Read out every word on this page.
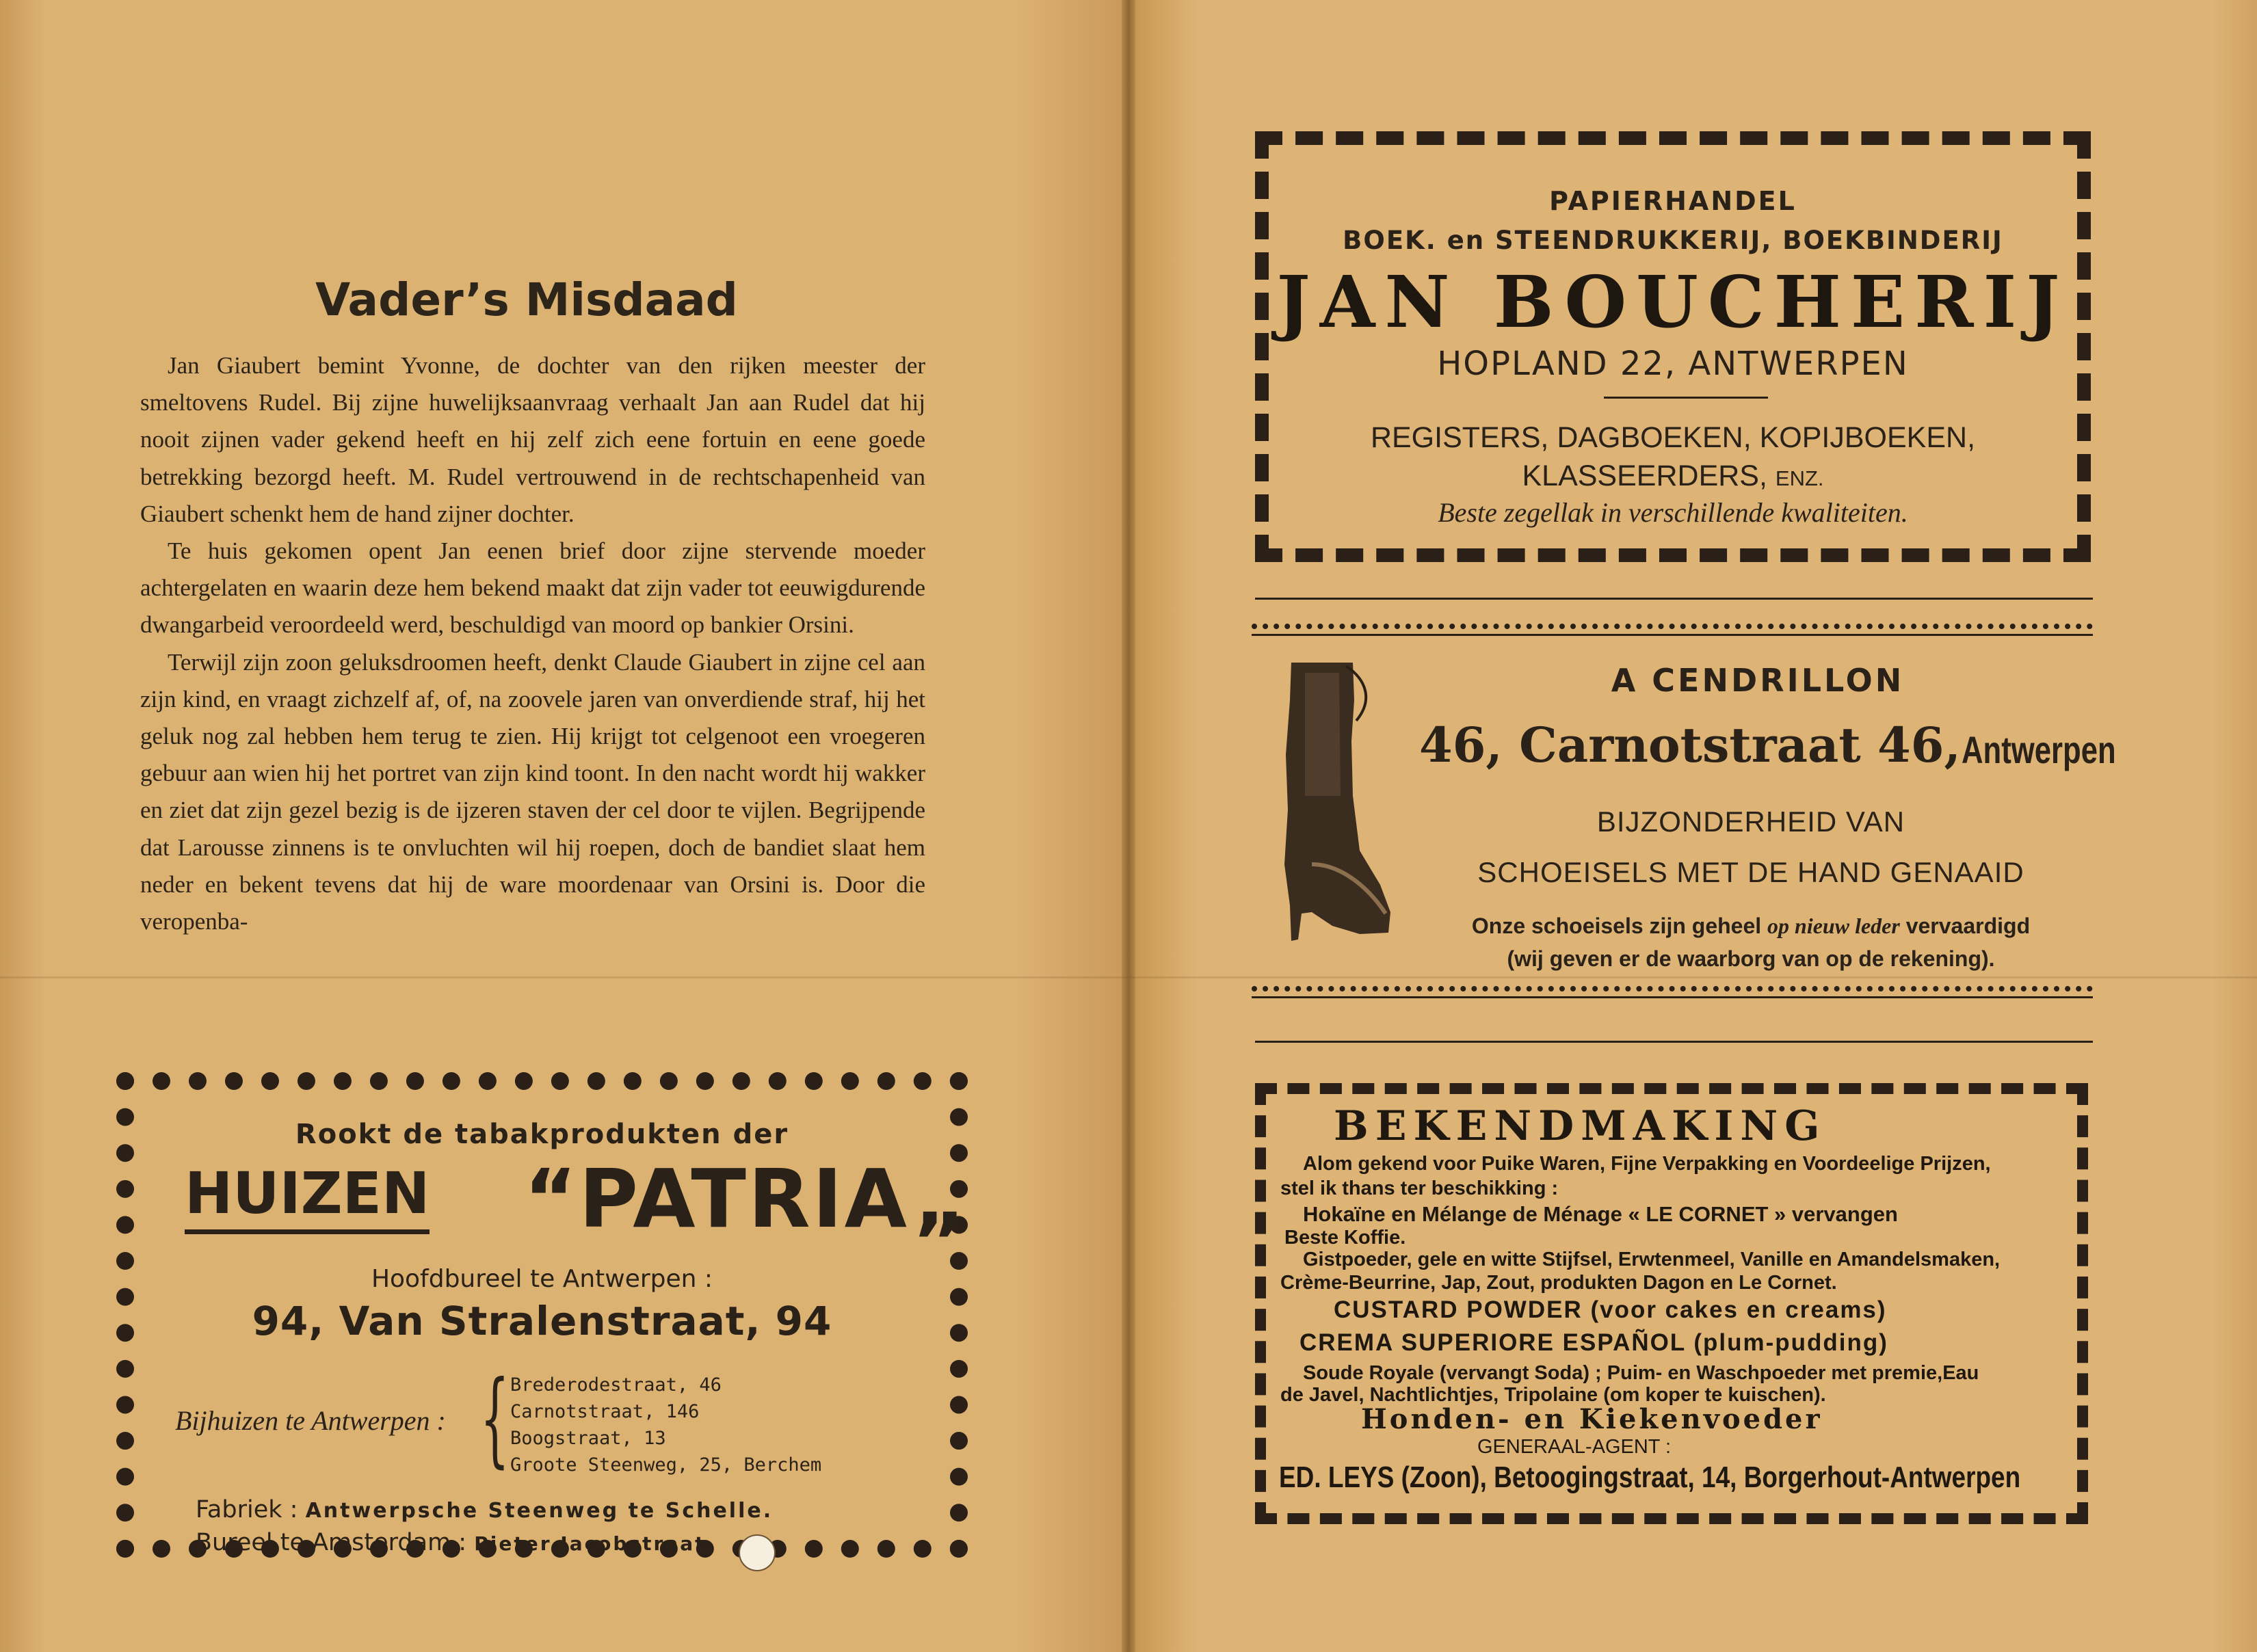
Vader’s Misdaad

Jan Giaubert bemint Yvonne, de dochter van den rijken meester der smeltovens Rudel. Bij zijne huwelijksaanvraag verhaalt Jan aan Rudel dat hij nooit zijnen vader gekend heeft en hij zelf zich eene fortuin en eene goede betrekking bezorgd heeft. M. Rudel vertrouwend in de rechtschapenheid van Giaubert schenkt hem de hand zijner dochter.

Te huis gekomen opent Jan eenen brief door zijne stervende moeder achtergelaten en waarin deze hem bekend maakt dat zijn vader tot eeuwigdurende dwangarbeid veroordeeld werd, beschuldigd van moord op bankier Orsini.

Terwijl zijn zoon geluksdroomen heeft, denkt Claude Giaubert in zijne cel aan zijn kind, en vraagt zichzelf af, of, na zoovele jaren van onverdiende straf, hij het geluk nog zal hebben hem terug te zien. Hij krijgt tot celgenoot een vroegeren gebuur aan wien hij het portret van zijn kind toont. In den nacht wordt hij wakker en ziet dat zijn gezel bezig is de ijzeren staven der cel door te vijlen. Begrijpende dat Larousse zinnens is te onvluchten wil hij roepen, doch de bandiet slaat hem neder en bekent tevens dat hij de ware moordenaar van Orsini is. Door die veropenba-

Rookt de tabakprodukten der
HUIZEN “PATRIA„
Hoofdbureel te Antwerpen :
94, Van Stralenstraat, 94
Bijhuizen te Antwerpen : { Brederodestraat, 46
Carnotstraat, 146
Boogstraat, 13
Groote Steenweg, 25, Berchem
Fabriek : Antwerpsche Steenweg te Schelle.
Bureel te Amsterdam : Pieter Jacobstraat.
PAPIERHANDEL
BOEK. en STEENDRUKKERIJ, BOEKBINDERIJ
JAN BOUCHERIJ
HOPLAND 22, ANTWERPEN
REGISTERS, DAGBOEKEN, KOPIJBOEKEN,
KLASSEERDERS, ENZ.
Beste zegellak in verschillende kwaliteiten.
A CENDRILLON
46, Carnotstraat 46, Antwerpen
BIJZONDERHEID VAN
SCHOEISELS MET DE HAND GENAAID
Onze schoeisels zijn geheel op nieuw leder vervaardigd
(wij geven er de waarborg van op de rekening).
BEKENDMAKING
Alom gekend voor Puike Waren, Fijne Verpakking en Voordeelige Prijzen,
stel ik thans ter beschikking :
Hokaïne en Mélange de Ménage « LE CORNET » vervangen
Beste Koffie.
Gistpoeder, gele en witte Stijfsel, Erwtenmeel, Vanille en Amandelsmaken,
Crème-Beurrine, Jap, Zout, produkten Dagon en Le Cornet.
CUSTARD POWDER (voor cakes en creams)
CREMA SUPERIORE ESPAÑOL (plum-pudding)
Soude Royale (vervangt Soda) ; Puim- en Waschpoeder met premie,Eau
de Javel, Nachtlichtjes, Tripolaine (om koper te kuischen).
Honden- en Kiekenvoeder
GENERAAL-AGENT :
ED. LEYS (Zoon), Betoogingstraat, 14, Borgerhout-Antwerpen
